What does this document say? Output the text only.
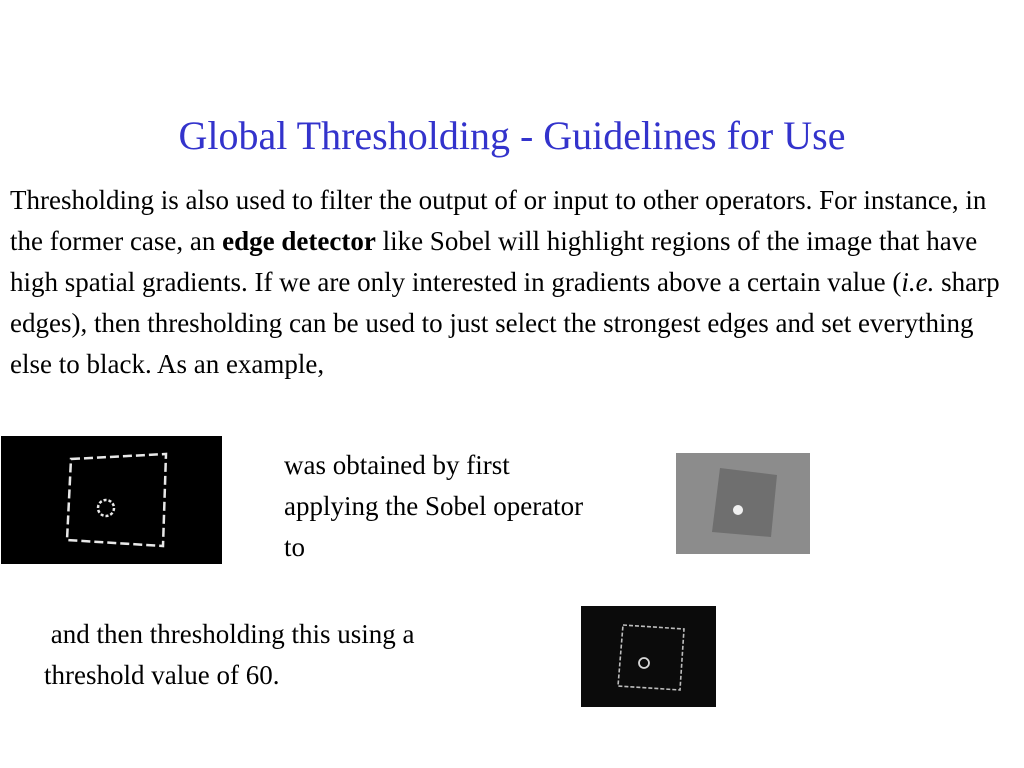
Global Thresholding - Guidelines for Use

Thresholding is also used to filter the output of or input to other operators. For instance, in the former case, an edge detector like Sobel will highlight regions of the image that have high spatial gradients. If we are only interested in gradients above a certain value (i.e. sharp edges), then thresholding can be used to just select the strongest edges and set everything else to black. As an example,

was obtained by first applying the Sobel operator to

and then thresholding this using a threshold value of 60.
